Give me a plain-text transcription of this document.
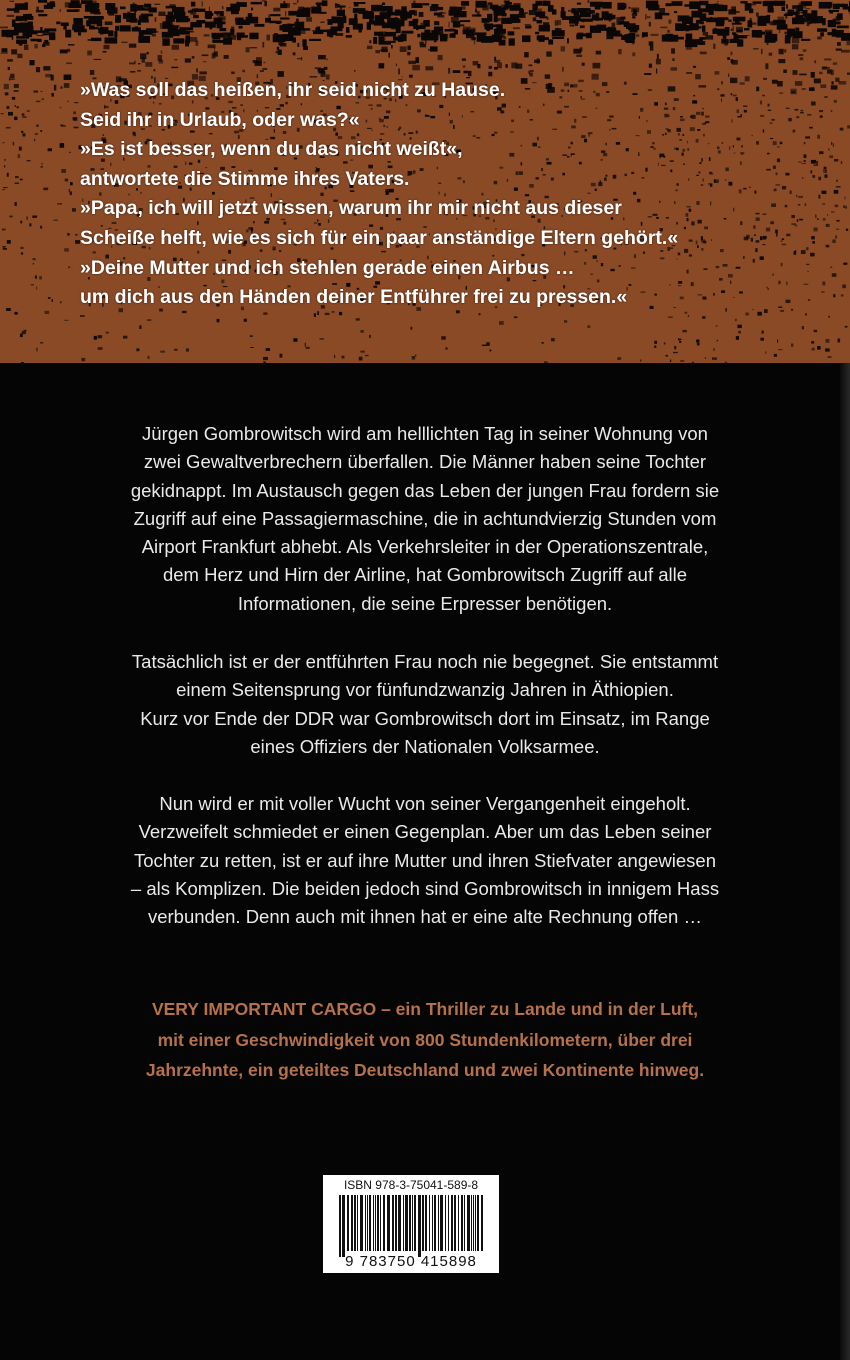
»Was soll das heißen, ihr seid nicht zu Hause.
Seid ihr in Urlaub, oder was?«
»Es ist besser, wenn du das nicht weißt«,
antwortete die Stimme ihres Vaters.
»Papa, ich will jetzt wissen, warum ihr mir nicht aus dieser
Scheiße helft, wie es sich für ein paar anständige Eltern gehört.«
»Deine Mutter und ich stehlen gerade einen Airbus …
um dich aus den Händen deiner Entführer frei zu pressen.«
Jürgen Gombrowitsch wird am helllichten Tag in seiner Wohnung von
zwei Gewaltverbrechern überfallen. Die Männer haben seine Tochter
gekidnappt. Im Austausch gegen das Leben der jungen Frau fordern sie
Zugriff auf eine Passagiermaschine, die in achtundvierzig Stunden vom
Airport Frankfurt abhebt. Als Verkehrsleiter in der Operationszentrale,
dem Herz und Hirn der Airline, hat Gombrowitsch Zugriff auf alle
Informationen, die seine Erpresser benötigen.
Tatsächlich ist er der entführten Frau noch nie begegnet. Sie entstammt
einem Seitensprung vor fünfundzwanzig Jahren in Äthiopien.
Kurz vor Ende der DDR war Gombrowitsch dort im Einsatz, im Range
eines Offiziers der Nationalen Volksarmee.
Nun wird er mit voller Wucht von seiner Vergangenheit eingeholt.
Verzweifelt schmiedet er einen Gegenplan. Aber um das Leben seiner
Tochter zu retten, ist er auf ihre Mutter und ihren Stiefvater angewiesen
– als Komplizen. Die beiden jedoch sind Gombrowitsch in innigem Hass
verbunden. Denn auch mit ihnen hat er eine alte Rechnung offen …
VERY IMPORTANT CARGO – ein Thriller zu Lande und in der Luft,
mit einer Geschwindigkeit von 800 Stundenkilometern, über drei
Jahrzehnte, ein geteiltes Deutschland und zwei Kontinente hinweg.
ISBN 978-3-75041-589-8
9 783750 415898
